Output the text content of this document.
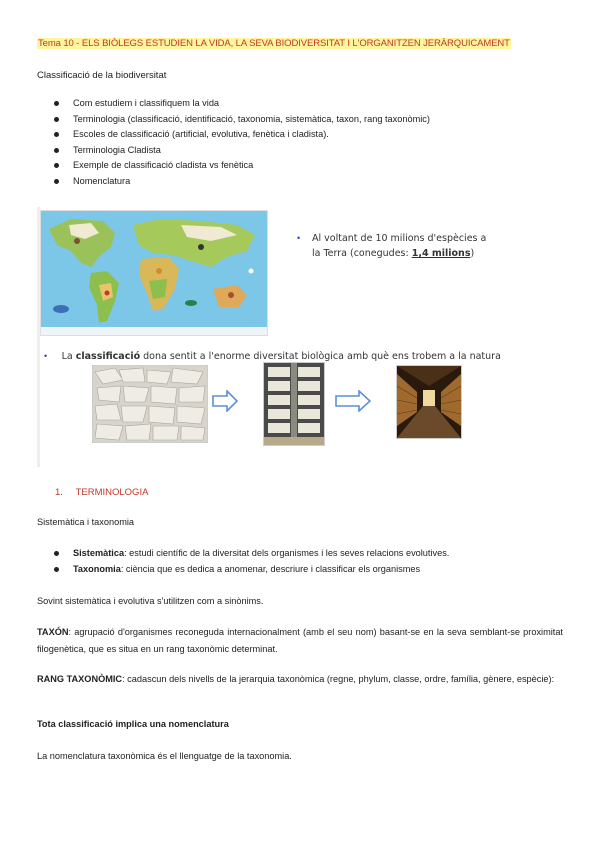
Tema 10 - ELS BIÒLEGS ESTUDIEN LA VIDA, LA SEVA BIODIVERSITAT I L'ORGANITZEN JERÀRQUICAMENT
Classificació de la biodiversitat
Com estudiem i classifiquem la vida
Terminologia (classificació, identificació, taxonomia, sistemàtica, taxon, rang taxonòmic)
Escoles de classificació (artificial, evolutiva, fenètica i cladista).
Terminologia Cladista
Exemple de classificació cladista vs fenètica
Nomenclatura
• Al voltant de 10 milions d'espècies a
la Terra (conegudes: 1,4 milions)
• La classificació dona sentit a l'enorme diversitat biològica amb què ens trobem a la natura
1. TERMINOLOGIA
Sistemàtica i taxonomia
Sistemàtica: estudi científic de la diversitat dels organismes i les seves relacions evolutives.
Taxonomia: ciència que es dedica a anomenar, descriure i classificar els organismes
Sovint sistemàtica i evolutiva s'utilitzen com a sinònims.
TAXÓN: agrupació d'organismes reconeguda internacionalment (amb el seu nom) basant-se en la seva semblant-se proximitat filogenètica, que es situa en un rang taxonòmic determinat.
RANG TAXONÒMIC: cadascun dels nivells de la jerarquia taxonòmica (regne, phylum, classe, ordre, família, gènere, espècie):
Tota classificació implica una nomenclatura
La nomenclatura taxonòmica és el llenguatge de la taxonomia.
